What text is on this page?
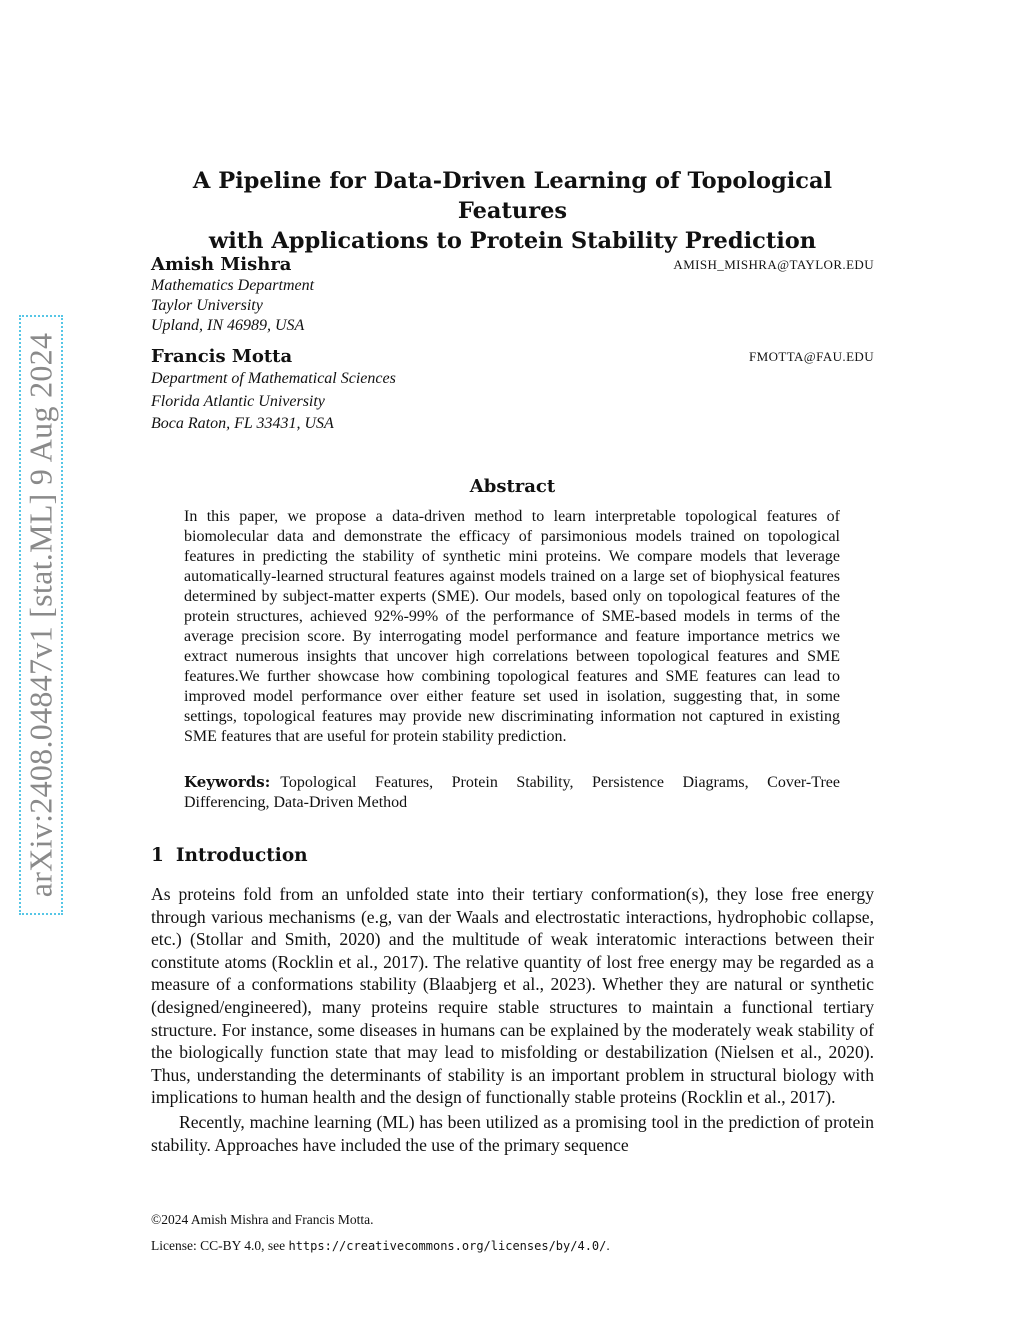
arXiv:2408.04847v1 [stat.ML] 9 Aug 2024
A Pipeline for Data-Driven Learning of Topological Features
with Applications to Protein Stability Prediction
Amish Mishra	AMISH_MISHRA@TAYLOR.EDU
Mathematics Department
Taylor University
Upland, IN 46989, USA
Francis Motta	FMOTTA@FAU.EDU
Department of Mathematical Sciences
Florida Atlantic University
Boca Raton, FL 33431, USA
Abstract
In this paper, we propose a data-driven method to learn interpretable topological features of biomolecular data and demonstrate the efficacy of parsimonious models trained on topological features in predicting the stability of synthetic mini proteins. We compare models that leverage automatically-learned structural features against models trained on a large set of biophysical features determined by subject-matter experts (SME). Our models, based only on topological features of the protein structures, achieved 92%-99% of the performance of SME-based models in terms of the average precision score. By interrogating model performance and feature importance metrics we extract numerous insights that uncover high correlations between topological features and SME features.We further showcase how combining topological features and SME features can lead to improved model performance over either feature set used in isolation, suggesting that, in some settings, topological features may provide new discriminating information not captured in existing SME features that are useful for protein stability prediction.
Keywords: Topological Features, Protein Stability, Persistence Diagrams, Cover-Tree Differencing, Data-Driven Method
1 Introduction

As proteins fold from an unfolded state into their tertiary conformation(s), they lose free energy through various mechanisms (e.g, van der Waals and electrostatic interactions, hydrophobic collapse, etc.) (Stollar and Smith, 2020) and the multitude of weak interatomic interactions between their constitute atoms (Rocklin et al., 2017). The relative quantity of lost free energy may be regarded as a measure of a conformations stability (Blaabjerg et al., 2023). Whether they are natural or synthetic (designed/engineered), many proteins require stable structures to maintain a functional tertiary structure. For instance, some diseases in humans can be explained by the moderately weak stability of the biologically function state that may lead to misfolding or destabilization (Nielsen et al., 2020). Thus, understanding the determinants of stability is an important problem in structural biology with implications to human health and the design of functionally stable proteins (Rocklin et al., 2017).

Recently, machine learning (ML) has been utilized as a promising tool in the prediction of protein stability. Approaches have included the use of the primary sequence

©2024 Amish Mishra and Francis Motta.
License: CC-BY 4.0, see https://creativecommons.org/licenses/by/4.0/.
